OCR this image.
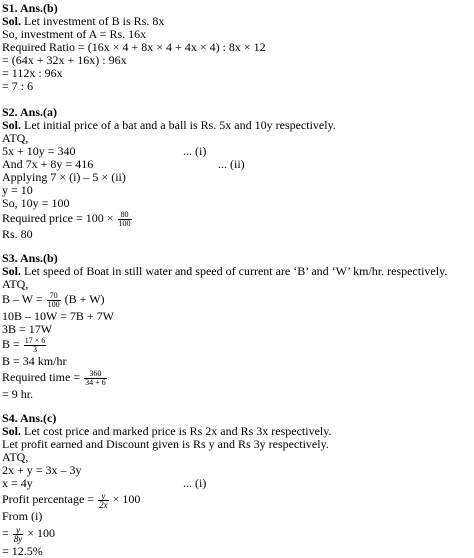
S1. Ans.(b)
Sol. Let investment of B is Rs. 8x
So, investment of A = Rs. 16x
Required Ratio = (16x × 4 + 8x × 4 + 4x × 4) : 8x × 12
= (64x + 32x + 16x) : 96x
= 112x : 96x
= 7 : 6
S2. Ans.(a)
Sol. Let initial price of a bat and a ball is Rs. 5x and 10y respectively.
ATQ,
5x + 10y = 340	... (i)
And 7x + 8y = 416	... (ii)
Applying 7 × (i) – 5 × (ii)
y = 10
So, 10y = 100
Required price = $100 \times \frac{80}{100}$
Rs. 80
S3. Ans.(b)
Sol. Let speed of Boat in still water and speed of current are ‘B’ and ‘W’ km/hr. respectively.
ATQ,
$B - W = \frac{70}{100} (B + W)$
10B – 10W = 7B + 7W
3B = 17W
$B = \frac{17 \times 6}{3}$
B = 34 km/hr
Required time = $\frac{360}{34 + 6}$
= 9 hr.
S4. Ans.(c)
Sol. Let cost price and marked price is Rs 2x and Rs 3x respectively.
Let profit earned and Discount given is Rs y and Rs 3y respectively.
ATQ,
2x + y = 3x – 3y
x = 4y	... (i)
Profit percentage = $\frac{y}{2x} \times 100$
From (i)
= $\frac{y}{8y} \times 100$
= 12.5%
